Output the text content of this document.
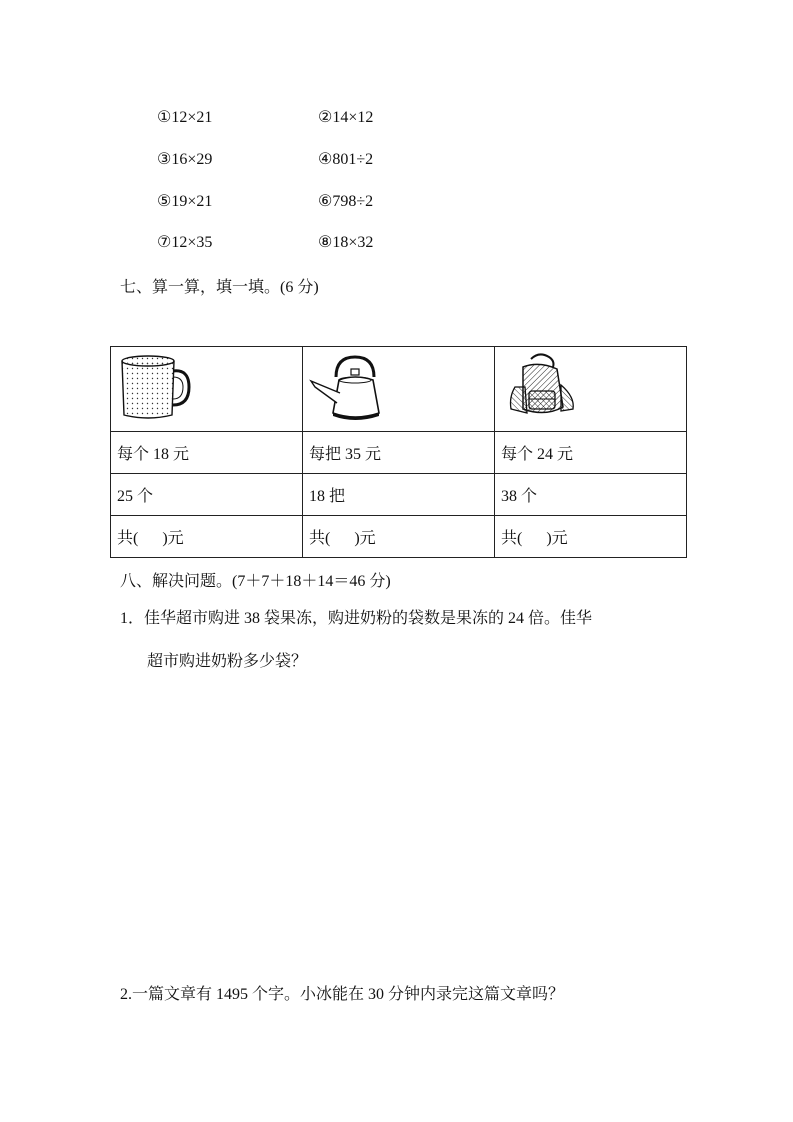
①12×21	②14×12
③16×29	④801÷2
⑤19×21	⑥798÷2
⑦12×35	⑧18×32
七、算一算，填一填。(6 分)

每个 18 元	每把 35 元	每个 24 元
25 个	18 把	38 个
共(      )元	共(      )元	共(      )元
八、解决问题。(7＋7＋18＋14＝46 分)
1．佳华超市购进 38 袋果冻，购进奶粉的袋数是果冻的 24 倍。佳华
超市购进奶粉多少袋？
2.一篇文章有 1495 个字。小冰能在 30 分钟内录完这篇文章吗？
